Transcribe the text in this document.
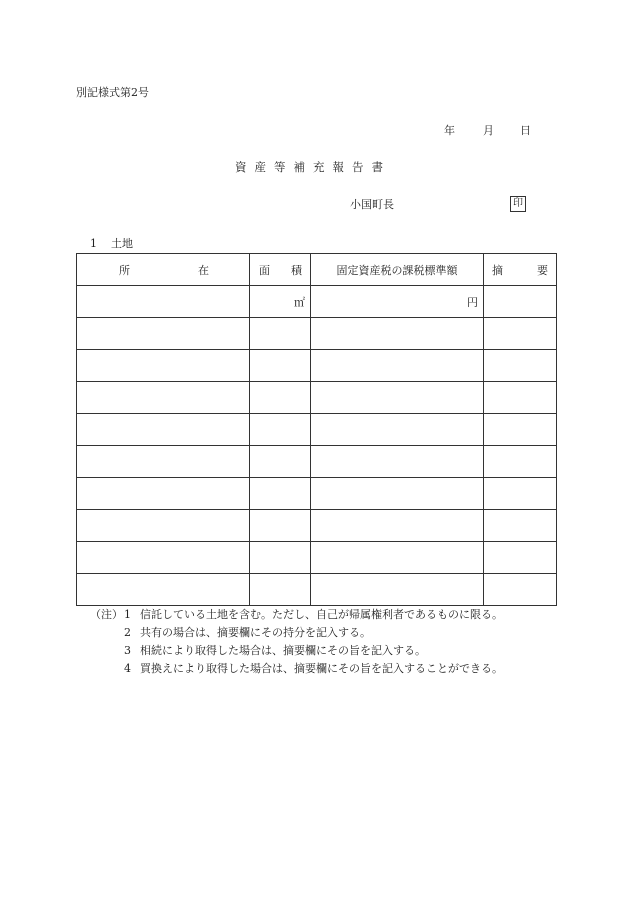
別記様式第2号
年	月 日
資産等補充報告書
小国町長	印
1 土地
所 在	面 積	固定資産税の課税標準額	摘 要

	㎡	円	

（注） 1 信託している土地を含む。ただし、自己が帰属権利者であるものに限る。
2 共有の場合は、摘要欄にその持分を記入する。
3 相続により取得した場合は、摘要欄にその旨を記入する。
4 買換えにより取得した場合は、摘要欄にその旨を記入することができる。
